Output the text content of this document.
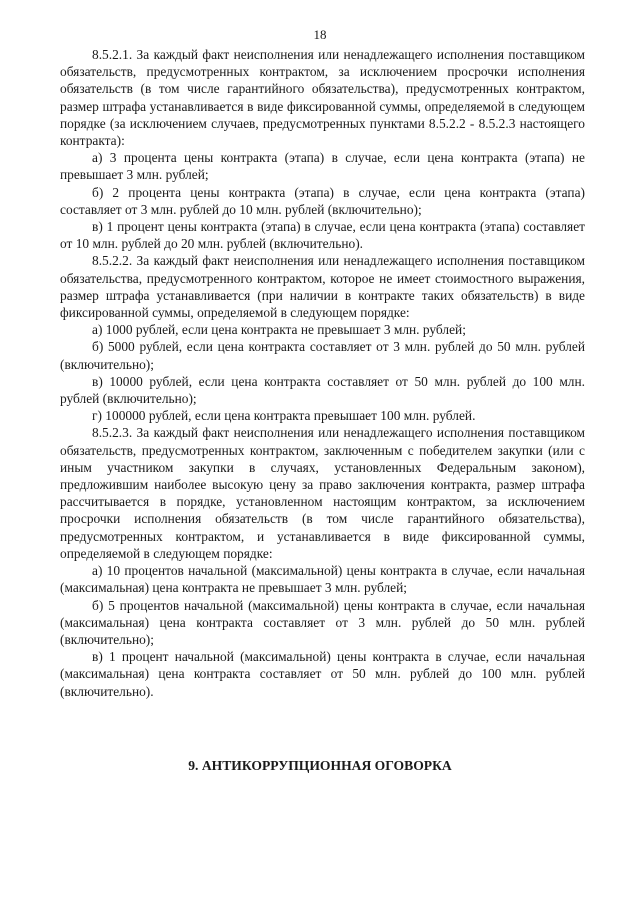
18

8.5.2.1. За каждый факт неисполнения или ненадлежащего исполнения поставщиком обязательств, предусмотренных контрактом, за исключением просрочки исполнения обязательств (в том числе гарантийного обязательства), предусмотренных контрактом, размер штрафа устанавливается в виде фиксированной суммы, определяемой в следующем порядке (за исключением случаев, предусмотренных пунктами 8.5.2.2 - 8.5.2.3 настоящего контракта):

а) 3 процента цены контракта (этапа) в случае, если цена контракта (этапа) не превышает 3 млн. рублей;

б) 2 процента цены контракта (этапа) в случае, если цена контракта (этапа) составляет от 3 млн. рублей до 10 млн. рублей (включительно);

в) 1 процент цены контракта (этапа) в случае, если цена контракта (этапа) составляет от 10 млн. рублей до 20 млн. рублей (включительно).

8.5.2.2. За каждый факт неисполнения или ненадлежащего исполнения поставщиком обязательства, предусмотренного контрактом, которое не имеет стоимостного выражения, размер штрафа устанавливается (при наличии в контракте таких обязательств) в виде фиксированной суммы, определяемой в следующем порядке:

а) 1000 рублей, если цена контракта не превышает 3 млн. рублей;

б) 5000 рублей, если цена контракта составляет от 3 млн. рублей до 50 млн. рублей (включительно);

в) 10000 рублей, если цена контракта составляет от 50 млн. рублей до 100 млн. рублей (включительно);

г) 100000 рублей, если цена контракта превышает 100 млн. рублей.

8.5.2.3. За каждый факт неисполнения или ненадлежащего исполнения поставщиком обязательств, предусмотренных контрактом, заключенным с победителем закупки (или с иным участником закупки в случаях, установленных Федеральным законом), предложившим наиболее высокую цену за право заключения контракта, размер штрафа рассчитывается в порядке, установленном настоящим контрактом, за исключением просрочки исполнения обязательств (в том числе гарантийного обязательства), предусмотренных контрактом, и устанавливается в виде фиксированной суммы, определяемой в следующем порядке:

а) 10 процентов начальной (максимальной) цены контракта в случае, если начальная (максимальная) цена контракта не превышает 3 млн. рублей;

б) 5 процентов начальной (максимальной) цены контракта в случае, если начальная (максимальная) цена контракта составляет от 3 млн. рублей до 50 млн. рублей (включительно);

в) 1 процент начальной (максимальной) цены контракта в случае, если начальная (максимальная) цена контракта составляет от 50 млн. рублей до 100 млн. рублей (включительно).

9. АНТИКОРРУПЦИОННАЯ ОГОВОРКА
